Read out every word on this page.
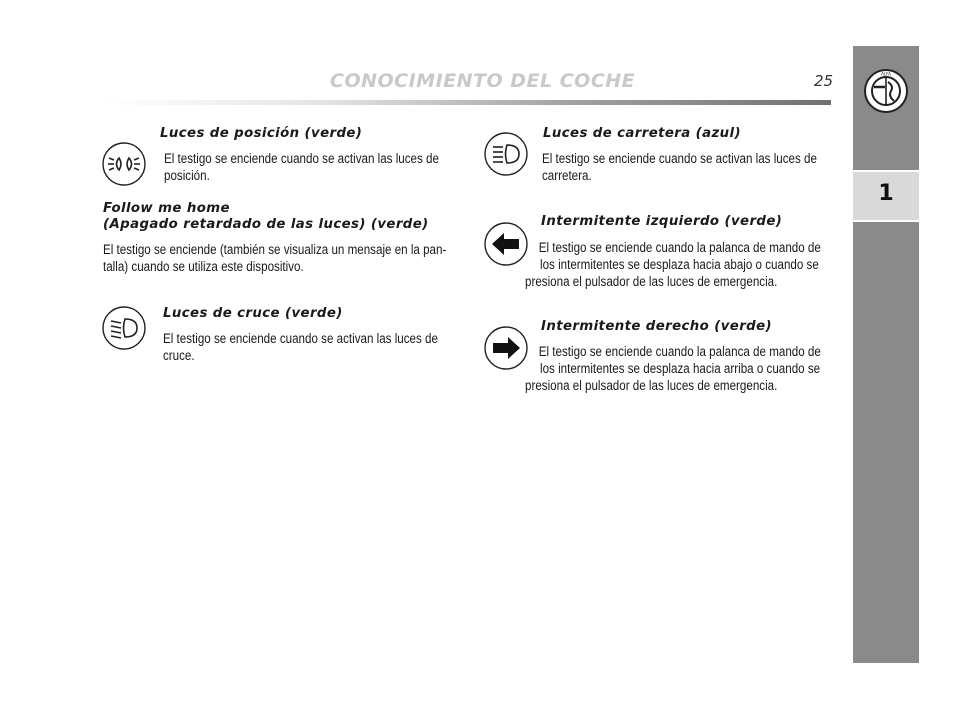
CONOCIMIENTO DEL COCHE	25	ALFA
1
Luces de posición (verde)
El testigo se enciende cuando se activan las luces de
posición.
Follow me home
(Apagado retardado de las luces) (verde)
El testigo se enciende (también se visualiza un mensaje en la pan-
talla) cuando se utiliza este dispositivo.
Luces de cruce (verde)
El testigo se enciende cuando se activan las luces de
cruce.
Luces de carretera (azul)
El testigo se enciende cuando se activan las luces de
carretera.
Intermitente izquierdo (verde)
El testigo se enciende cuando la palanca de mando de
los intermitentes se desplaza hacia abajo o cuando se
presiona el pulsador de las luces de emergencia.
Intermitente derecho (verde)
El testigo se enciende cuando la palanca de mando de
los intermitentes se desplaza hacia arriba o cuando se
presiona el pulsador de las luces de emergencia.
